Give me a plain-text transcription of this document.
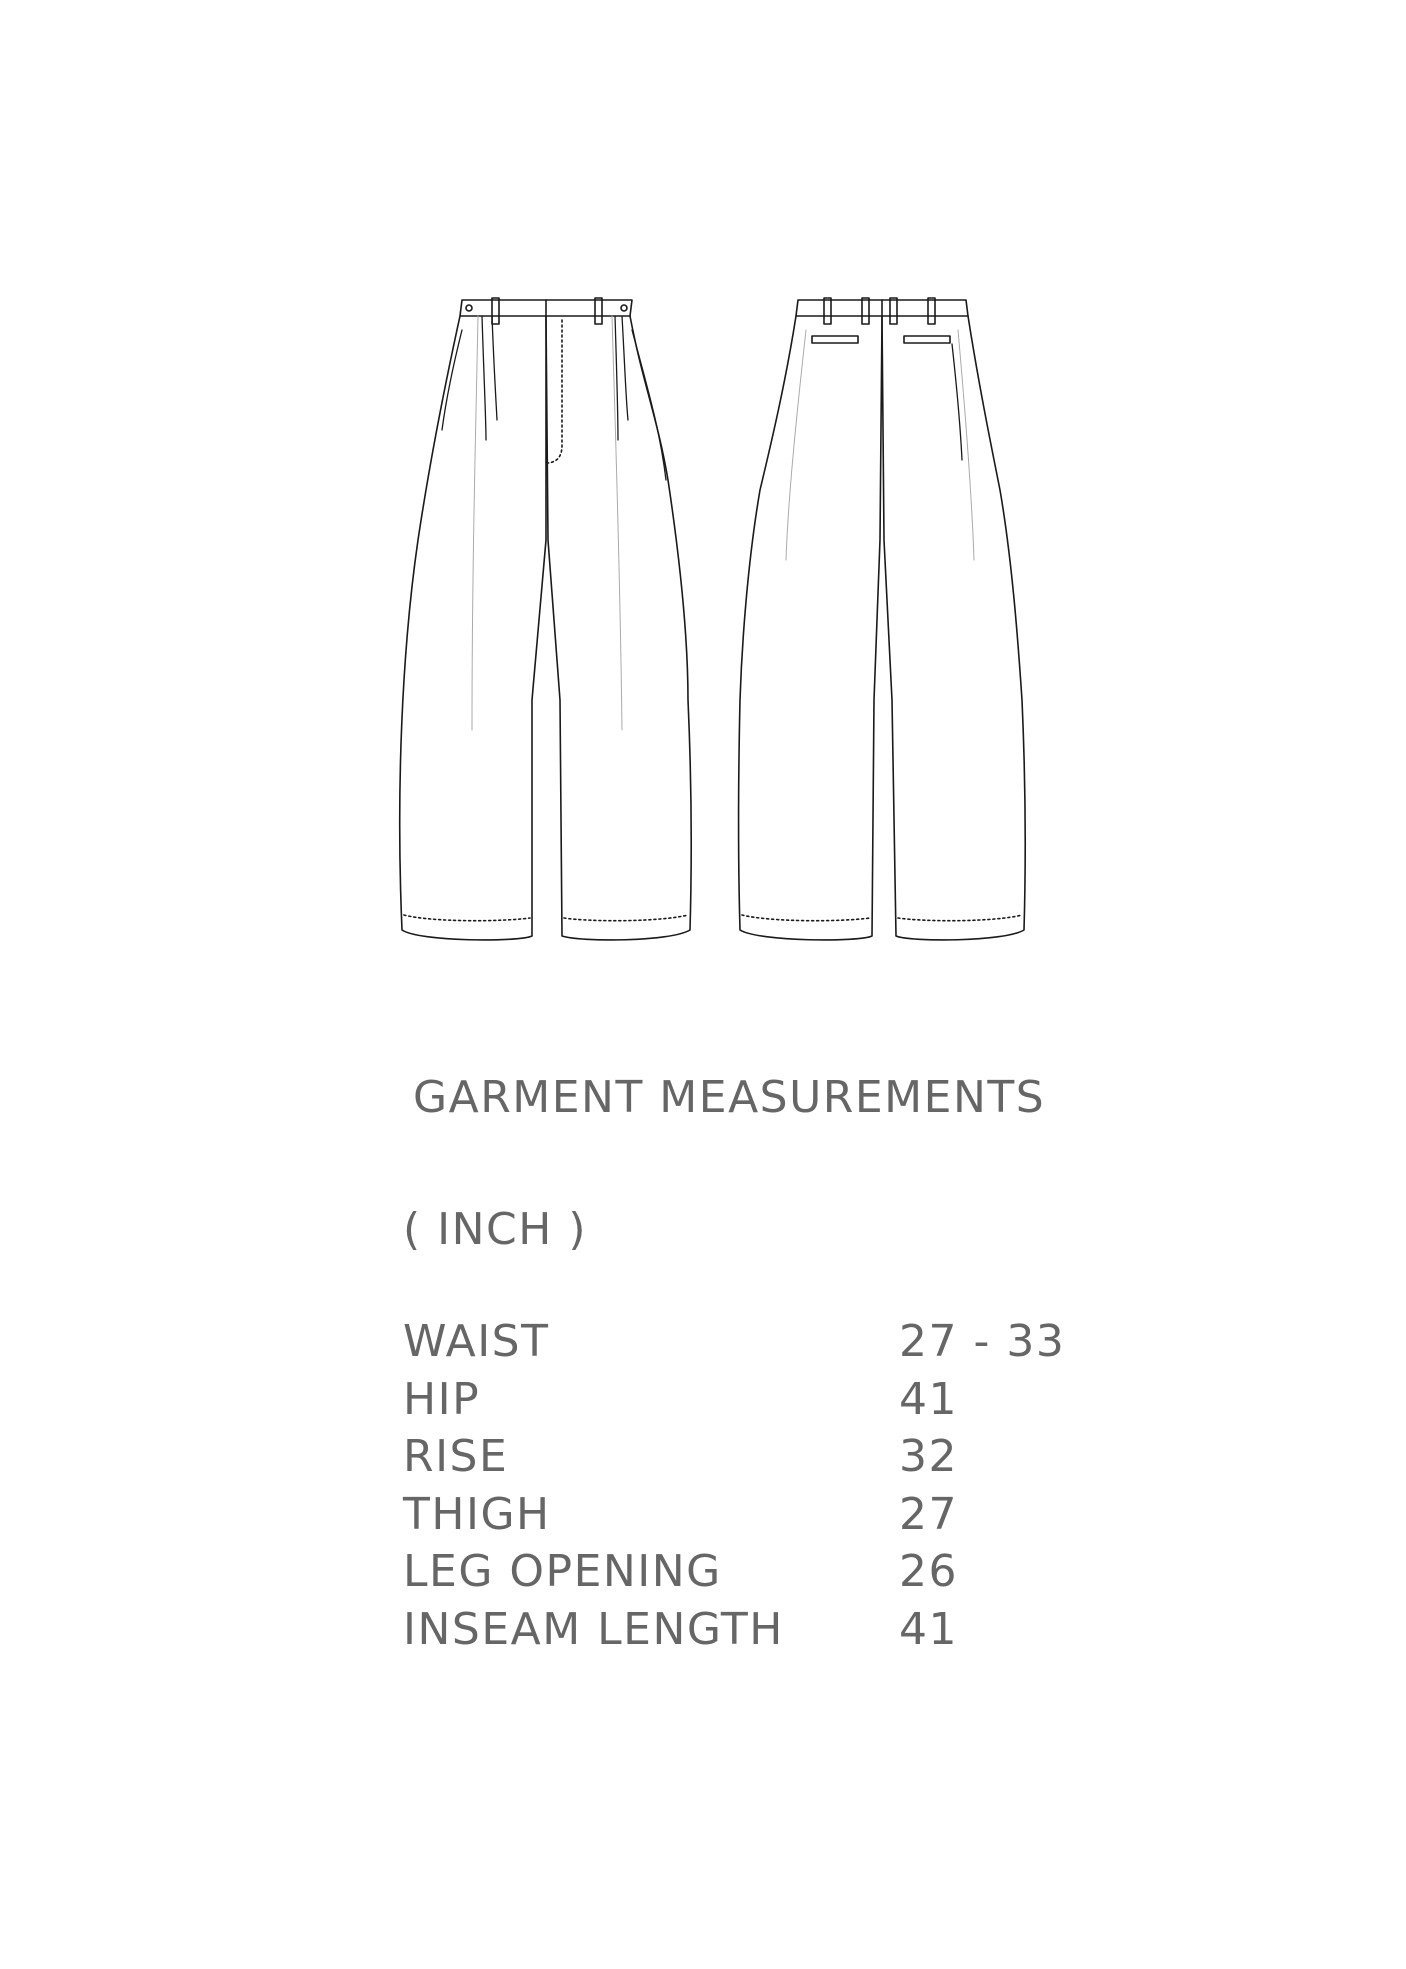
GARMENT MEASUREMENTS
( INCH )
WAIST	27 - 33
HIP	41
RISE	32
THIGH	27
LEG OPENING	26
INSEAM LENGTH	41
